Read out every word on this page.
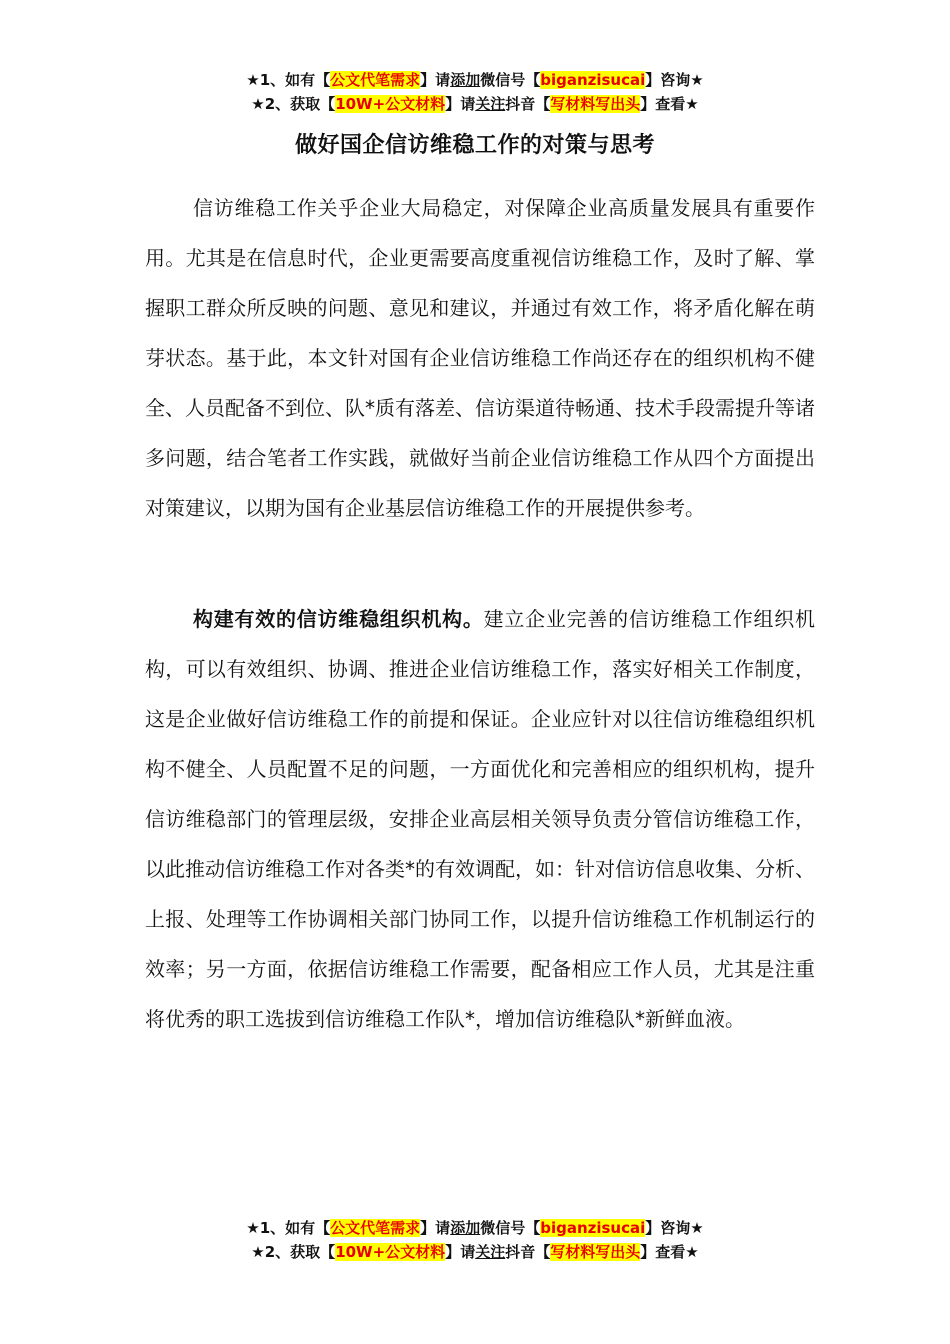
★1、如有【公文代笔需求】请添加微信号【biganzisucai】咨询★
★2、获取【10W+公文材料】请关注抖音【写材料写出头】查看★
做好国企信访维稳工作的对策与思考

信访维稳工作关乎企业大局稳定，对保障企业高质量发展具有重要作用。尤其是在信息时代，企业更需要高度重视信访维稳工作，及时了解、掌握职工群众所反映的问题、意见和建议，并通过有效工作，将矛盾化解在萌芽状态。基于此，本文针对国有企业信访维稳工作尚还存在的组织机构不健全、人员配备不到位、队*质有落差、信访渠道待畅通、技术手段需提升等诸多问题，结合笔者工作实践，就做好当前企业信访维稳工作从四个方面提出对策建议，以期为国有企业基层信访维稳工作的开展提供参考。

构建有效的信访维稳组织机构。建立企业完善的信访维稳工作组织机构，可以有效组织、协调、推进企业信访维稳工作，落实好相关工作制度，这是企业做好信访维稳工作的前提和保证。企业应针对以往信访维稳组织机构不健全、人员配置不足的问题，一方面优化和完善相应的组织机构，提升信访维稳部门的管理层级，安排企业高层相关领导负责分管信访维稳工作，以此推动信访维稳工作对各类*的有效调配，如：针对信访信息收集、分析、上报、处理等工作协调相关部门协同工作，以提升信访维稳工作机制运行的效率；另一方面，依据信访维稳工作需要，配备相应工作人员，尤其是注重将优秀的职工选拔到信访维稳工作队*，增加信访维稳队*新鲜血液。

★1、如有【公文代笔需求】请添加微信号【biganzisucai】咨询★
★2、获取【10W+公文材料】请关注抖音【写材料写出头】查看★
